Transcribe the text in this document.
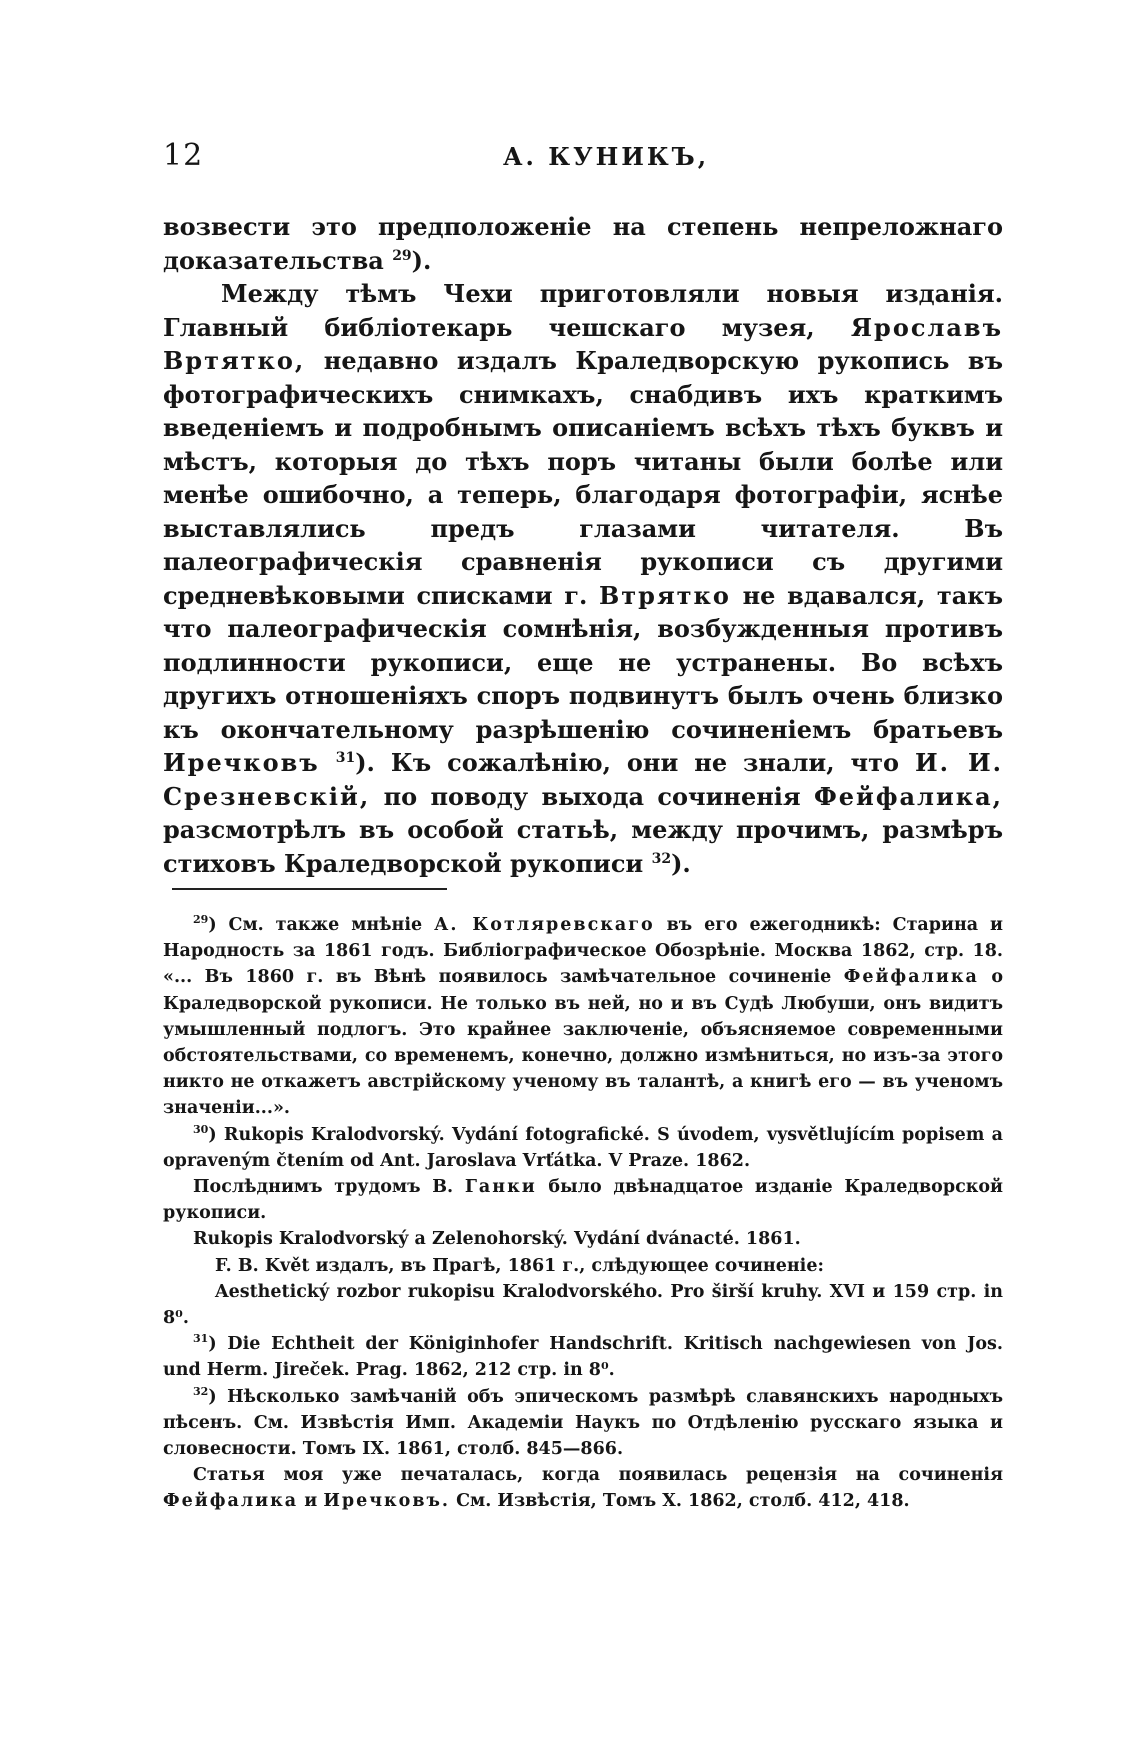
12	А. КУНИКЪ,

возвести это предположеніе на степень непреложнаго доказательства $^{29}$).

Между тѣмъ Чехи приготовляли новыя изданія. Главный библіотекарь чешскаго музея, Ярославъ Вртятко, недавно издалъ Краледворскую рукопись въ фотографическихъ снимкахъ, снабдивъ ихъ краткимъ введеніемъ и подробнымъ описаніемъ всѣхъ тѣхъ буквъ и мѣстъ, которыя до тѣхъ поръ читаны были болѣе или менѣе ошибочно, а теперь, благодаря фотографіи, яснѣе выставлялись предъ глазами читателя. Въ палеографическія сравненія рукописи съ другими средневѣковыми списками г. Втрятко не вдавался, такъ что палеографическія сомнѣнія, возбужденныя противъ подлинности рукописи, еще не устранены. Во всѣхъ другихъ отношеніяхъ споръ подвинутъ былъ очень близко къ окончательному разрѣшенію сочиненіемъ братьевъ Иречковъ $^{31}$). Къ сожалѣнію, они не знали, что И. И. Срезневскій, по поводу выхода сочиненія Фейфалика, разсмотрѣлъ въ особой статьѣ, между прочимъ, размѣръ стиховъ Краледворской рукописи $^{32}$).

$^{29}$) См. также мнѣніе А. Котляревскаго въ его ежегодникѣ: Старина и Народность за 1861 годъ. Библіографическое Обозрѣніе. Москва 1862, стр. 18. «... Въ 1860 г. въ Вѣнѣ появилось замѣчательное сочиненіе Фейфалика о Краледворской рукописи. Не только въ ней, но и въ Судѣ Любуши, онъ видитъ умышленный подлогъ. Это крайнее заключеніе, объясняемое современными обстоятельствами, со временемъ, конечно, должно измѣниться, но изъ-за этого никто не откажетъ австрійскому ученому въ талантѣ, а книгѣ его — въ ученомъ значеніи...».

$^{30}$) Rukopis Kralodvorský. Vydání fotografické. S úvodem, vysvětlujícím popisem a opraveným čtením od Ant. Jaroslava Vrťátka. V Praze. 1862.

Послѣднимъ трудомъ В. Ганки было двѣнадцатое изданіе Краледворской рукописи.

Rukopis Kralodvorský a Zelenohorský. Vydání dvánacté. 1861.

F. B. Květ издалъ, въ Прагѣ, 1861 г., слѣдующее сочиненіе:

Aesthetický rozbor rukopisu Kralodvorského. Pro širší kruhy. XVI и 159 стр. in 8⁰.

$^{31}$) Die Echtheit der Königinhofer Handschrift. Kritisch nachgewiesen von Jos. und Herm. Jireček. Prag. 1862, 212 стр. in 8⁰.

$^{32}$) Нѣсколько замѣчаній объ эпическомъ размѣрѣ славянскихъ народныхъ пѣсенъ. См. Извѣстія Имп. Академіи Наукъ по Отдѣленію русскаго языка и словесности. Томъ IX. 1861, столб. 845—866.

Статья моя уже печаталась, когда появилась рецензія на сочиненія Фейфалика и Иречковъ. См. Извѣстія, Томъ X. 1862, столб. 412, 418.
